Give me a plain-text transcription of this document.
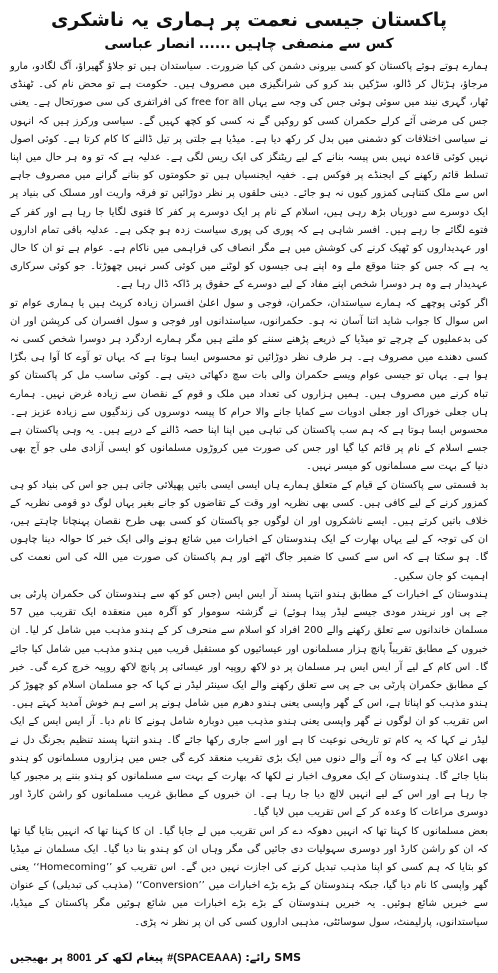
پاکستان جیسی نعمت پر ہماری یہ ناشکری
کس سے منصفی چاہیں......انصار عباسی

ہمارے ہوتے ہوئے پاکستان کو کسی بیرونی دشمن کی کیا ضرورت۔ سیاستدان ہیں تو جلاؤ گھیراؤ، آگ لگادو، مارو مرجاؤ، ہڑتال کر ڈالو، سڑکیں بند کرو کی شرانگیزی میں مصروف ہیں۔ حکومت ہے تو محض نام کی۔ ٹھنڈی ٹھار، گہری نیند میں سوئی ہوئی جس کی وجہ سے یہاں free for all کی افراتفری کی سی صورتحال ہے۔ یعنی جس کی مرضی آئے کرلے حکمران کسی کو روکیں گے نہ کسی کو کچھ کہیں گے۔ سیاسی ورکرز ہیں کہ انہوں نے سیاسی اختلافات کو دشمنی میں بدل کر رکھ دیا ہے۔ میڈیا ہے جلتی پر تیل ڈالنے کا کام کرتا ہے۔ کوئی اصول نہیں کوئی قاعدہ نہیں بس پیسہ بنانے کے لیے ریٹنگز کی ایک ریس لگی ہے۔ عدلیہ ہے کہ تو وہ ہر حال میں اپنا تسلط قائم رکھنے کے ایجنڈے پر فوکس ہے۔ خفیہ ایجنسیاں ہیں تو حکومتوں کو بنانے گرانے میں مصروف جاہے اس سے ملک کتناہی کمزور کیوں نہ ہو جائے۔ دینی حلقوں پر نظر دوڑائیں تو فرقہ واریت اور مسلک کی بنیاد پر ایک دوسرے سے دوریاں بڑھ رہی ہیں، اسلام کے نام پر ایک دوسرے پر کفر کا فتوی لگایا جا رہا ہے اور کفر کے فتوے لگائے جا رہے ہیں۔ افسر شاہی ہے کہ پوری کی پوری سیاست زدہ ہو چکی ہے۔ عدلیہ باقی تمام اداروں اور عہدیداروں کو ٹھیک کرنے کی کوشش میں ہے مگر انصاف کی فراہمی میں ناکام ہے۔ عوام ہے تو ان کا حال یہ ہے کہ جس کو جتنا موقع ملے وہ اپنے ہی جیسوں کو لوٹنے میں کوئی کسر نہیں چھوڑتا۔ جو کوئی سرکاری عہدیدار ہے وہ ہر دوسرا شخص اپنے مفاد کے لیے دوسرے کے حقوق پر ڈاکہ ڈال رہا ہے۔

اگر کوئی پوچھے کہ ہمارے سیاستدان، حکمران، فوجی و سول اعلیٰ افسران زیادہ کرپٹ ہیں یا ہماری عوام تو اس سوال کا جواب شاید اتنا آسان نہ ہو۔ حکمرانوں، سیاستدانوں اور فوجی و سول افسران کی کرپشن اور ان کی بدعملیوں کے چرچے تو میڈیا کے ذریعے پڑھنے سننے کو ملتے ہیں مگر ہمارے اردگرد ہر دوسرا شخص کسی نہ کسی دھندے میں مصروف ہے۔ ہر طرف نظر دوڑائیں تو محسوس ایسا ہوتا ہے کہ یہاں تو آوے کا آوا ہی بگڑا ہوا ہے۔ یہاں تو جیسی عوام ویسے حکمران والی بات سچ دکھائی دیتی ہے۔ کوئی ساسب مل کر پاکستان کو تباہ کرنے میں مصروف ہیں۔ ہمیں ہزاروں کی تعداد میں ملک و قوم کے نقصان سے زیادہ غرض نہیں۔ ہمارے ہاں جعلی خوراک اور جعلی ادویات سے کمایا جانے والا حرام کا پیسہ دوسروں کی زندگیوں سے زیادہ عزیز ہے۔ محسوس ایسا ہوتا ہے کہ ہم سب پاکستان کی تباہی میں اپنا اپنا حصہ ڈالنے کے درپے ہیں۔ یہ وہی پاکستان ہے جسے اسلام کے نام پر قائم کیا گیا اور جس کی صورت میں کروڑوں مسلمانوں کو ایسی آزادی ملی جو آج بھی دنیا کے بہت سے مسلمانوں کو میسر نہیں۔

بد قسمتی سے پاکستان کے قیام کے متعلق ہمارے ہاں ایسی ایسی باتیں پھیلائی جاتی ہیں جو اس کی بنیاد کو ہی کمزور کرنے کے لیے کافی ہیں۔ کسی بھی نظریہ اور وقت کے تقاضوں کو جانے بغیر یہاں لوگ دو قومی نظریہ کے خلاف باتیں کرتے ہیں۔ ایسے ناشکروں اور ان لوگوں جو پاکستان کو کسی بھی طرح نقصان پہنچانا چاہتے ہیں، ان کی توجہ کے لیے یہاں بھارت کے ایک ہندوستان کے اخبارات میں شائع ہونے والی ایک خبر کا حوالہ دینا چاہوں گا۔ ہو سکتا ہے کہ اس سے کسی کا ضمیر جاگ اٹھے اور ہم پاکستان کی صورت میں اللہ کی اس نعمت کی اہمیت کو جان سکیں۔

ہندوستان کے اخبارات کے مطابق ہندو انتہا پسند آر ایس ایس (جس کو کھ سے ہندوستان کی حکمران پارٹی بی جے پی اور نریندر مودی جیسے لیڈر پیدا ہوئے) نے گزشتہ سوموار کو آگرہ میں منعقدہ ایک تقریب میں 57 مسلمان خاندانوں سے تعلق رکھنے والے 200 افراد کو اسلام سے منحرف کر کے ہندو مذہب میں شامل کر لیا۔ ان خبروں کے مطابق تقریباً پانچ ہزار مسلمانوں اور عیسائیوں کو مستقبل قریب میں ہندو مذہب میں شامل کیا جائے گا۔ اس کام کے لیے آر ایس ایس ہر مسلمان پر دو لاکھ روپیہ اور عیسائی پر پانچ لاکھ روپیہ خرچ کرے گی۔ خبر کے مطابق حکمران پارٹی بی جے پی سے تعلق رکھنے والے ایک سینئر لیڈر نے کہا کہ جو مسلمان اسلام کو چھوڑ کر ہندو مذہب کو اپناتا ہے، اس کے گھر واپسی یعنی ہندو دھرم میں شامل ہونے پر اسے ہم خوش آمدید کہتے ہیں۔

اس تقریب کو ان لوگوں نے گھر واپسی یعنی ہندو مذہب میں دوبارہ شامل ہونے کا نام دیا۔ آر ایس ایس کے ایک لیڈر نے کہا کہ یہ کام تو تاریخی نوعیت کا ہے اور اسے جاری رکھا جائے گا۔ ہندو انتہا پسند تنظیم بجرنگ دل نے بھی اعلان کیا ہے کہ وہ آنے والے دنوں میں ایک بڑی تقریب منعقد کرے گی جس میں ہزاروں مسلمانوں کو ہندو بنایا جائے گا۔ ہندوستان کے ایک معروف اخبار نے لکھا کہ بھارت کے بہت سے مسلمانوں کو ہندو بننے پر مجبور کیا جا رہا ہے اور اس کے لیے انہیں لالچ دیا جا رہا ہے۔ ان خبروں کے مطابق غریب مسلمانوں کو راشن کارڈ اور دوسری مراعات کا وعدہ کر کے اس تقریب میں لایا گیا۔

بعض مسلمانوں کا کہنا تھا کہ انہیں دھوکہ دے کر اس تقریب میں لے جایا گیا۔ ان کا کہنا تھا کہ انہیں بتایا گیا تھا کہ ان کو راشن کارڈ اور دوسری سہولیات دی جائیں گی مگر وہاں ان کو ہندو بنا دیا گیا۔ ایک مسلمان نے میڈیا کو بتایا کہ ہم کسی کو اپنا مذہب تبدیل کرنے کی اجازت نہیں دیں گے۔ اس تقریب کو ’’Homecoming‘‘ یعنی گھر واپسی کا نام دیا گیا، جبکہ ہندوستان کے بڑے بڑے اخبارات میں ’’Conversion‘‘ (مذہب کی تبدیلی) کے عنوان سے خبریں شائع ہوئیں۔ یہ خبریں ہندوستان کے بڑے بڑے اخبارات میں شائع ہوئیں مگر پاکستان کے میڈیا، سیاستدانوں، پارلیمنٹ، سول سوسائٹی، مذہبی اداروں کسی کی ان پر نظر نہ پڑی۔

SMS رائے: #(SPACEAAA) پیغام لکھ کر 8001 پر بھیجیں
